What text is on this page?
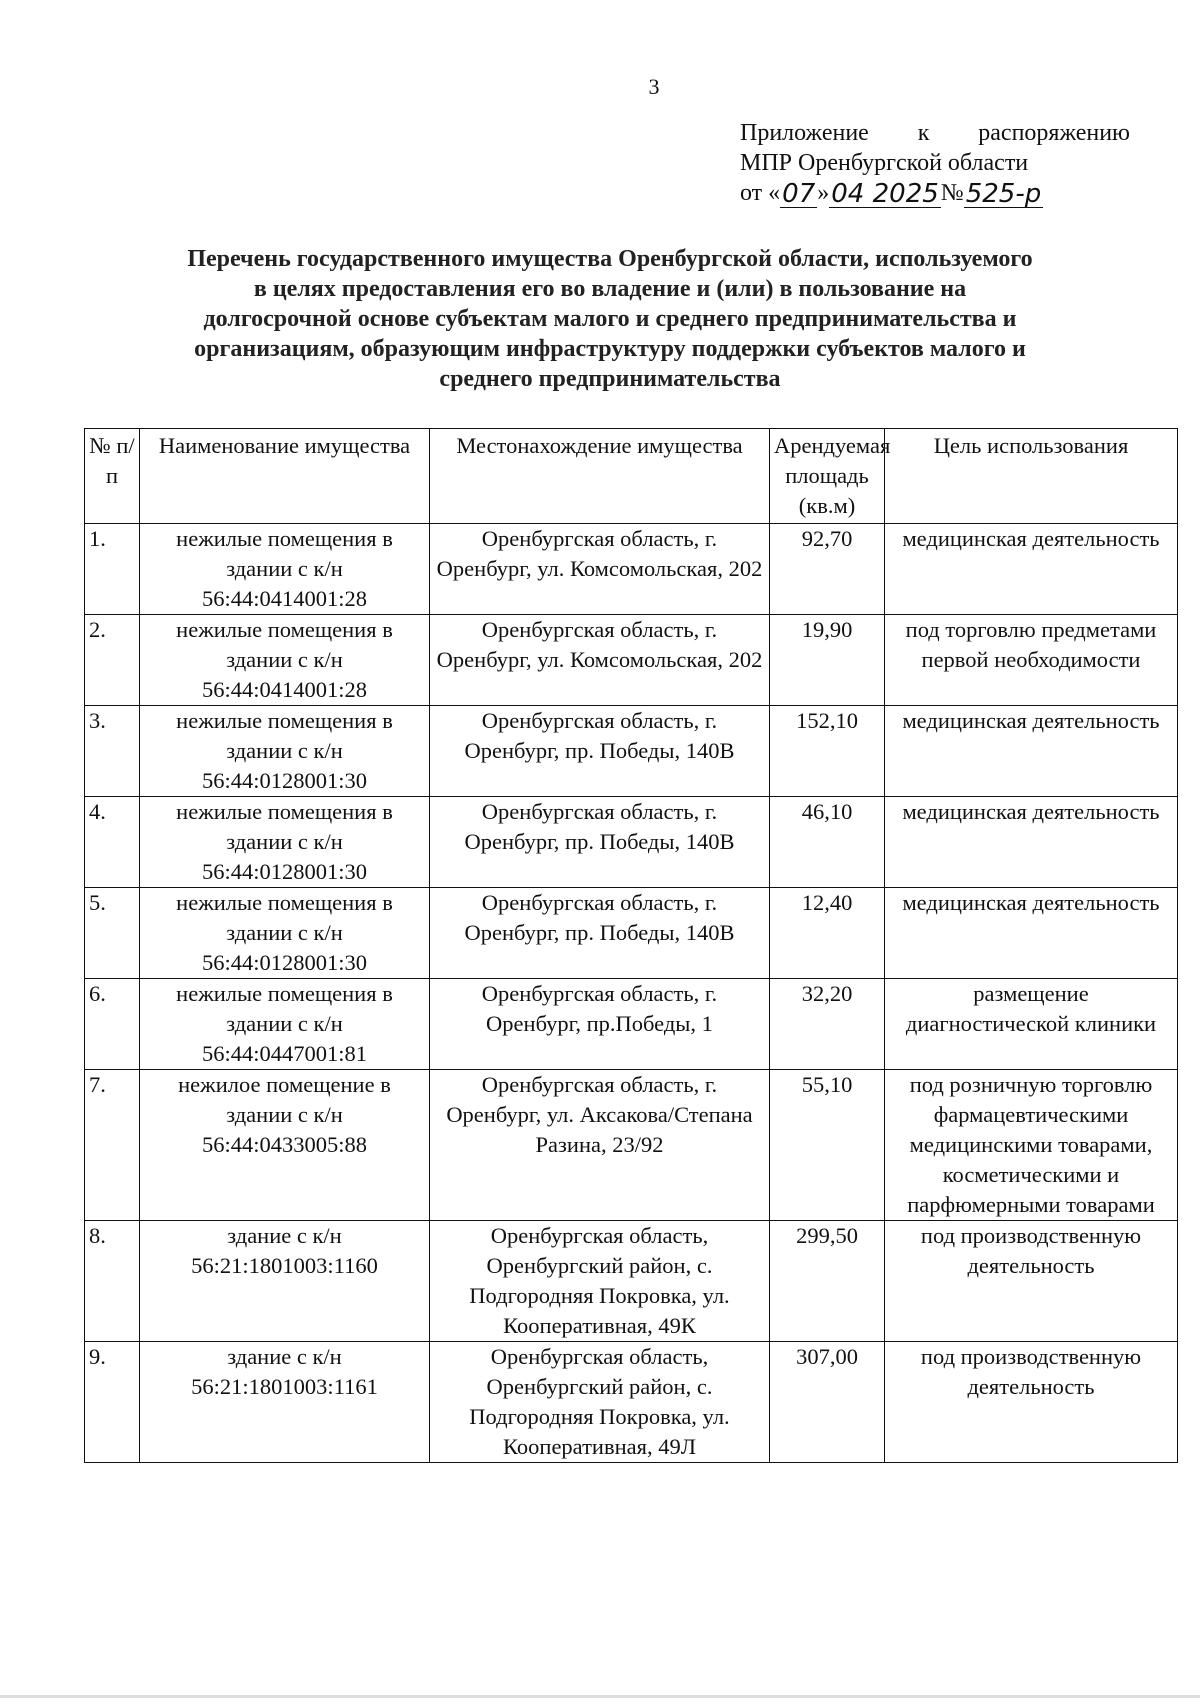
3
Приложение к распоряжению
МПР Оренбургской области
от « 07 » 04 2025 № 525-р
Перечень государственного имущества Оренбургской области, используемого в целях предоставления его во владение и (или) в пользование на долгосрочной основе субъектам малого и среднего предпринимательства и организациям, образующим инфраструктуру поддержки субъектов малого и среднего предпринимательства
№ п/п	Наименование имущества	Местонахождение имущества	Арендуемая площадь (кв.м)	Цель использования
1.	нежилые помещения в здании с к/н 56:44:0414001:28	Оренбургская область, г. Оренбург, ул. Комсомольская, 202	92,70	медицинская деятельность
2.	нежилые помещения в здании с к/н 56:44:0414001:28	Оренбургская область, г. Оренбург, ул. Комсомольская, 202	19,90	под торговлю предметами первой необходимости
3.	нежилые помещения в здании с к/н 56:44:0128001:30	Оренбургская область, г. Оренбург, пр. Победы, 140В	152,10	медицинская деятельность
4.	нежилые помещения в здании с к/н 56:44:0128001:30	Оренбургская область, г. Оренбург, пр. Победы, 140В	46,10	медицинская деятельность
5.	нежилые помещения в здании с к/н 56:44:0128001:30	Оренбургская область, г. Оренбург, пр. Победы, 140В	12,40	медицинская деятельность
6.	нежилые помещения в здании с к/н 56:44:0447001:81	Оренбургская область, г. Оренбург, пр.Победы, 1	32,20	размещение диагностической клиники
7.	нежилое помещение в здании с к/н 56:44:0433005:88	Оренбургская область, г. Оренбург, ул. Аксакова/Степана Разина, 23/92	55,10	под розничную торговлю фармацевтическими медицинскими товарами, косметическими и парфюмерными товарами
8.	здание с к/н 56:21:1801003:1160	Оренбургская область, Оренбургский район, с. Подгородняя Покровка, ул. Кооперативная, 49К	299,50	под производственную деятельность
9.	здание с к/н 56:21:1801003:1161	Оренбургская область, Оренбургский район, с. Подгородняя Покровка, ул. Кооперативная, 49Л	307,00	под производственную деятельность
